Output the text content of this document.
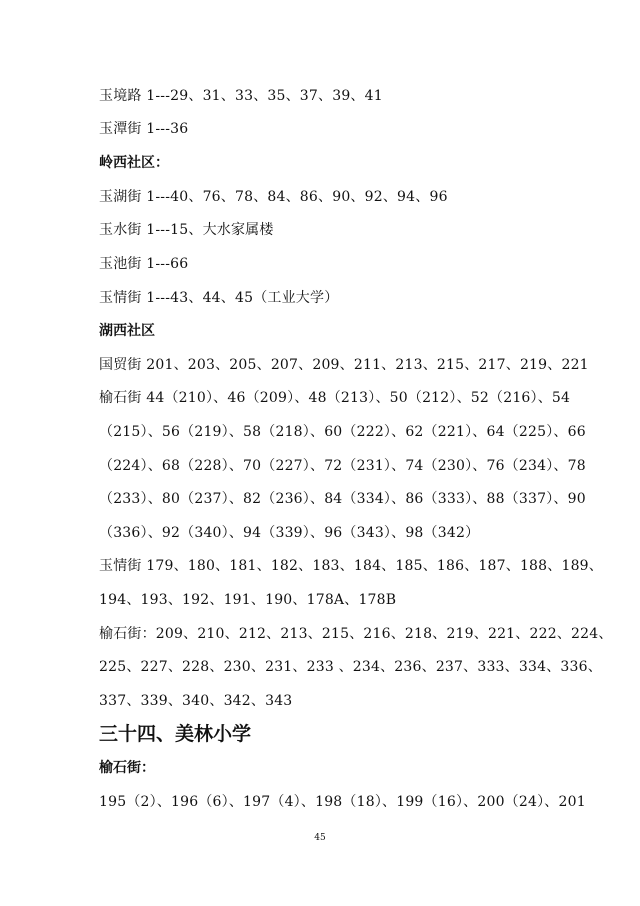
玉境路 1---29、31、33、35、37、39、41
玉潭街 1---36
岭西社区：
玉湖街 1---40、76、78、84、86、90、92、94、96
玉水街 1---15、大水家属楼
玉池街 1---66
玉情街 1---43、44、45（工业大学）
湖西社区
国贸街 201、203、205、207、209、211、213、215、217、219、221
榆石街 44（210）、46（209）、48（213）、50（212）、52（216）、54
（215）、56（219）、58（218）、60（222）、62（221）、64（225）、66
（224）、68（228）、70（227）、72（231）、74（230）、76（234）、78
（233）、80（237）、82（236）、84（334）、86（333）、88（337）、90
（336）、92（340）、94（339）、96（343）、98（342）
玉情街 179、180、181、182、183、184、185、186、187、188、189、
194、193、192、191、190、178A、178B
榆石街：209、210、212、213、215、216、218、219、221、222、224、
225、227、228、230、231、233 、234、236、237、333、334、336、
337、339、340、342、343
三十四、美林小学
榆石街：
195（2）、196（6）、197（4）、198（18）、199（16）、200（24）、201
45
